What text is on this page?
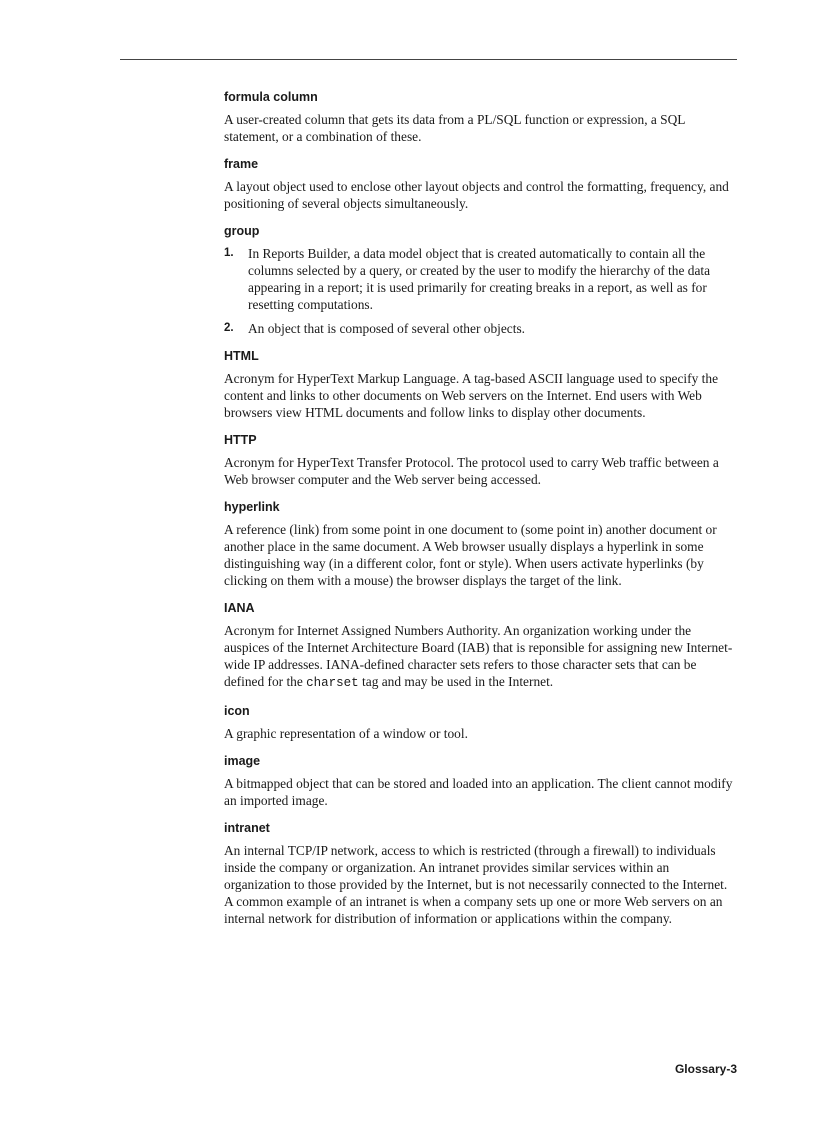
formula column

A user-created column that gets its data from a PL/SQL function or expression, a SQL statement, or a combination of these.

frame

A layout object used to enclose other layout objects and control the formatting, frequency, and positioning of several objects simultaneously.

group

1. In Reports Builder, a data model object that is created automatically to contain all the columns selected by a query, or created by the user to modify the hierarchy of the data appearing in a report; it is used primarily for creating breaks in a report, as well as for resetting computations.
2. An object that is composed of several other objects.

HTML

Acronym for HyperText Markup Language. A tag-based ASCII language used to specify the content and links to other documents on Web servers on the Internet. End users with Web browsers view HTML documents and follow links to display other documents.

HTTP

Acronym for HyperText Transfer Protocol. The protocol used to carry Web traffic between a Web browser computer and the Web server being accessed.

hyperlink

A reference (link) from some point in one document to (some point in) another document or another place in the same document. A Web browser usually displays a hyperlink in some distinguishing way (in a different color, font or style). When users activate hyperlinks (by clicking on them with a mouse) the browser displays the target of the link.

IANA

Acronym for Internet Assigned Numbers Authority. An organization working under the auspices of the Internet Architecture Board (IAB) that is reponsible for assigning new Internet-wide IP addresses. IANA-defined character sets refers to those character sets that can be defined for the charset tag and may be used in the Internet.

icon

A graphic representation of a window or tool.

image

A bitmapped object that can be stored and loaded into an application. The client cannot modify an imported image.

intranet

An internal TCP/IP network, access to which is restricted (through a firewall) to individuals inside the company or organization. An intranet provides similar services within an organization to those provided by the Internet, but is not necessarily connected to the Internet. A common example of an intranet is when a company sets up one or more Web servers on an internal network for distribution of information or applications within the company.

Glossary-3
